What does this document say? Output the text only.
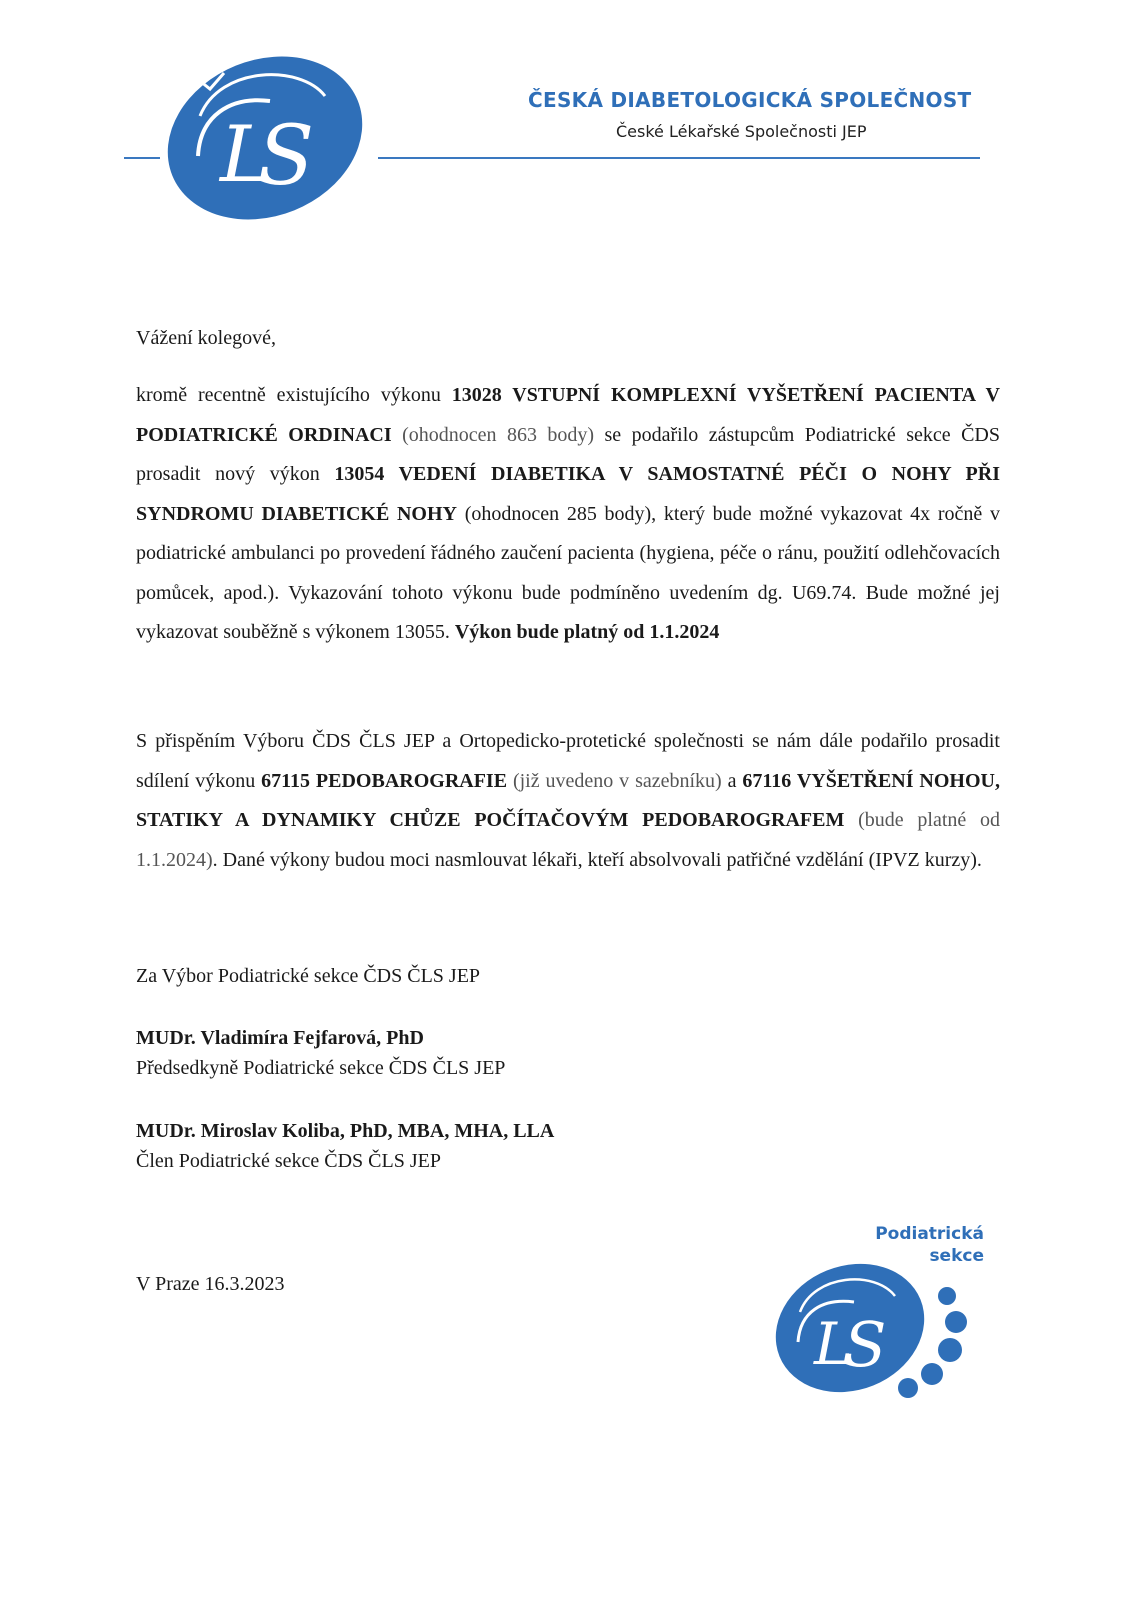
L
S
ČESKÁ DIABETOLOGICKÁ SPOLEČNOST
České Lékařské Společnosti JEP
Vážení kolegové,
kromě recentně existujícího výkonu 13028 VSTUPNÍ KOMPLEXNÍ VYŠETŘENÍ PACIENTA V PODIATRICKÉ ORDINACI (ohodnocen 863 body) se podařilo zástupcům Podiatrické sekce ČDS prosadit nový výkon 13054 VEDENÍ DIABETIKA V SAMOSTATNÉ PÉČI O NOHY PŘI SYNDROMU DIABETICKÉ NOHY (ohodnocen 285 body), který bude možné vykazovat 4x ročně v podiatrické ambulanci po provedení řádného zaučení pacienta (hygiena, péče o ránu, použití odlehčovacích pomůcek, apod.). Vykazování tohoto výkonu bude podmíněno uvedením dg. U69.74. Bude možné jej vykazovat souběžně s výkonem 13055. Výkon bude platný od 1.1.2024
S přispěním Výboru ČDS ČLS JEP a Ortopedicko-protetické společnosti se nám dále podařilo prosadit sdílení výkonu 67115 PEDOBAROGRAFIE (již uvedeno v sazebníku) a 67116 VYŠETŘENÍ NOHOU, STATIKY A DYNAMIKY CHŮZE POČÍTAČOVÝM PEDOBAROGRAFEM (bude platné od 1.1.2024). Dané výkony budou moci nasmlouvat lékaři, kteří absolvovali patřičné vzdělání (IPVZ kurzy).
Za Výbor Podiatrické sekce ČDS ČLS JEP
MUDr. Vladimíra Fejfarová, PhD
Předsedkyně Podiatrické sekce ČDS ČLS JEP
MUDr. Miroslav Koliba, PhD, MBA, MHA, LLA
Člen Podiatrické sekce ČDS ČLS JEP
V Praze 16.3.2023
Podiatrická
sekce
L
S
